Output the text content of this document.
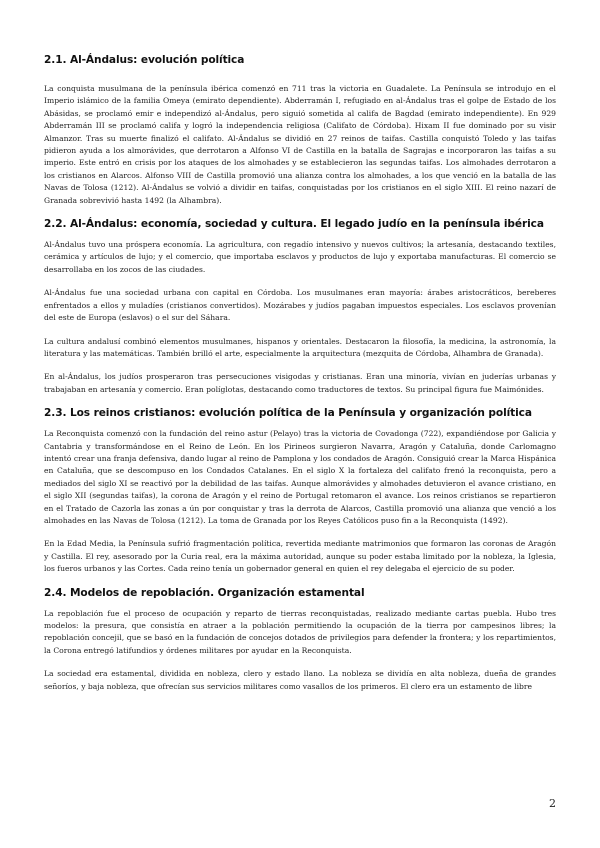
2.1. Al-Ándalus: evolución política

La conquista musulmana de la península ibérica comenzó en 711 tras la victoria en Guadalete. La Península se introdujo en el Imperio islámico de la familia Omeya (emirato dependiente). Abderramán I, refugiado en al-Ándalus tras el golpe de Estado de los Abásidas, se proclamó emir e independizó al-Ándalus, pero siguió sometida al califa de Bagdad (emirato independiente). En 929 Abderramán III se proclamó califa y logró la independencia religiosa (Califato de Córdoba). Hixam II fue dominado por su visir Almanzor. Tras su muerte finalizó el califato. Al-Ándalus se dividió en 27 reinos de taifas. Castilla conquistó Toledo y las taifas pidieron ayuda a los almorávides, que derrotaron a Alfonso VI de Castilla en la batalla de Sagrajas e incorporaron las taifas a su imperio. Este entró en crisis por los ataques de los almohades y se establecieron las segundas taifas. Los almohades derrotaron a los cristianos en Alarcos. Alfonso VIII de Castilla promovió una alianza contra los almohades, a los que venció en la batalla de las Navas de Tolosa (1212). Al-Ándalus se volvió a dividir en taifas, conquistadas por los cristianos en el siglo XIII. El reino nazarí de Granada sobrevivió hasta 1492 (la Alhambra).

2.2. Al-Ándalus: economía, sociedad y cultura. El legado judío en la península ibérica

Al-Ándalus tuvo una próspera economía. La agricultura, con regadío intensivo y nuevos cultivos; la artesanía, destacando textiles, cerámica y artículos de lujo; y el comercio, que importaba esclavos y productos de lujo y exportaba manufacturas. El comercio se desarrollaba en los zocos de las ciudades.

Al-Ándalus fue una sociedad urbana con capital en Córdoba. Los musulmanes eran mayoría: árabes aristocráticos, bereberes enfrentados a ellos y muladíes (cristianos convertidos). Mozárabes y judíos pagaban impuestos especiales. Los esclavos provenían del este de Europa (eslavos) o el sur del Sáhara.

La cultura andalusí combinó elementos musulmanes, hispanos y orientales. Destacaron la filosofía, la medicina, la astronomía, la literatura y las matemáticas. También brilló el arte, especialmente la arquitectura (mezquita de Córdoba, Alhambra de Granada).

En al-Ándalus, los judíos prosperaron tras persecuciones visigodas y cristianas. Eran una minoría, vivían en juderías urbanas y trabajaban en artesanía y comercio. Eran políglotas, destacando como traductores de textos. Su principal figura fue Maimónides.

2.3. Los reinos cristianos: evolución política de la Península y organización política

La Reconquista comenzó con la fundación del reino astur (Pelayo) tras la victoria de Covadonga (722), expandiéndose por Galicia y Cantabria y transformándose en el Reino de León. En los Pirineos surgieron Navarra, Aragón y Cataluña, donde Carlomagno intentó crear una franja defensiva, dando lugar al reino de Pamplona y los condados de Aragón. Consiguió crear la Marca Hispánica en Cataluña, que se descompuso en los Condados Catalanes. En el siglo X la fortaleza del califato frenó la reconquista, pero a mediados del siglo XI se reactivó por la debilidad de las taifas. Aunque almorávides y almohades detuvieron el avance cristiano, en el siglo XII (segundas taifas), la corona de Aragón y el reino de Portugal retomaron el avance. Los reinos cristianos se repartieron en el Tratado de Cazorla las zonas a ún por conquistar y tras la derrota de Alarcos, Castilla promovió una alianza que venció a los almohades en las Navas de Tolosa (1212). La toma de Granada por los Reyes Católicos puso fin a la Reconquista (1492).

En la Edad Media, la Península sufrió fragmentación política, revertida mediante matrimonios que formaron las coronas de Aragón y Castilla. El rey, asesorado por la Curia real, era la máxima autoridad, aunque su poder estaba limitado por la nobleza, la Iglesia, los fueros urbanos y las Cortes. Cada reino tenía un gobernador general en quien el rey delegaba el ejercicio de su poder.

2.4. Modelos de repoblación. Organización estamental

La repoblación fue el proceso de ocupación y reparto de tierras reconquistadas, realizado mediante cartas puebla. Hubo tres modelos: la presura, que consistía en atraer a la población permitiendo la ocupación de la tierra por campesinos libres; la repoblación concejil, que se basó en la fundación de concejos dotados de privilegios para defender la frontera; y los repartimientos, la Corona entregó latifundios y órdenes militares por ayudar en la Reconquista.

La sociedad era estamental, dividida en nobleza, clero y estado llano. La nobleza se dividía en alta nobleza, dueña de grandes señoríos, y baja nobleza, que ofrecían sus servicios militares como vasallos de los primeros. El clero era un estamento de libre

2
